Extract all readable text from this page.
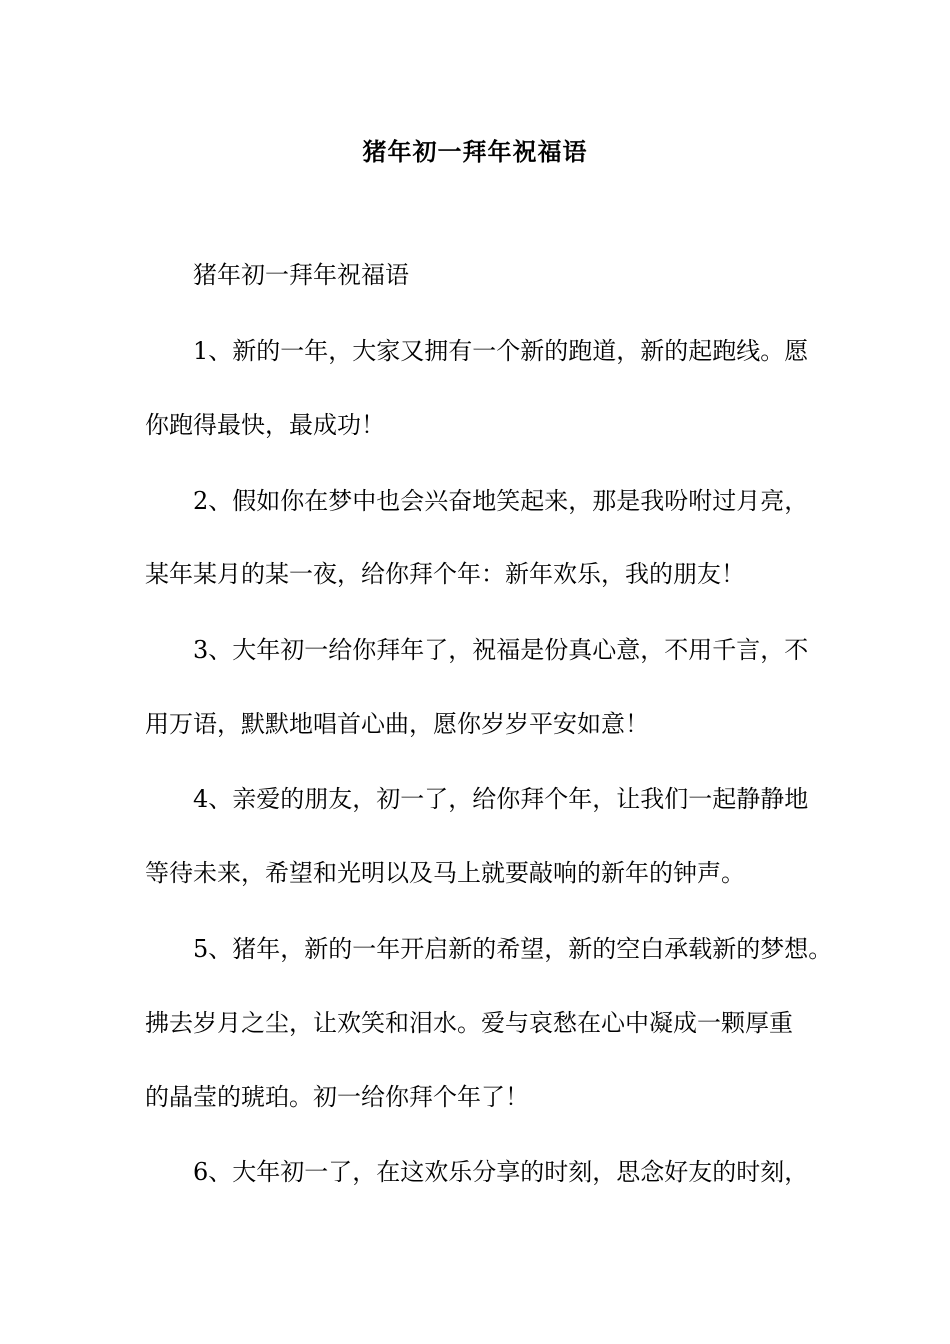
猪年初一拜年祝福语
猪年初一拜年祝福语
1、新的一年，大家又拥有一个新的跑道，新的起跑线。愿
你跑得最快，最成功！
2、假如你在梦中也会兴奋地笑起来，那是我吩咐过月亮，
某年某月的某一夜，给你拜个年：新年欢乐，我的朋友！
3、大年初一给你拜年了，祝福是份真心意，不用千言，不
用万语，默默地唱首心曲，愿你岁岁平安如意！
4、亲爱的朋友，初一了，给你拜个年，让我们一起静静地
等待未来，希望和光明以及马上就要敲响的新年的钟声。
5、猪年，新的一年开启新的希望，新的空白承载新的梦想。
拂去岁月之尘，让欢笑和泪水。爱与哀愁在心中凝成一颗厚重
的晶莹的琥珀。初一给你拜个年了！
6、大年初一了，在这欢乐分享的时刻，思念好友的时刻，
